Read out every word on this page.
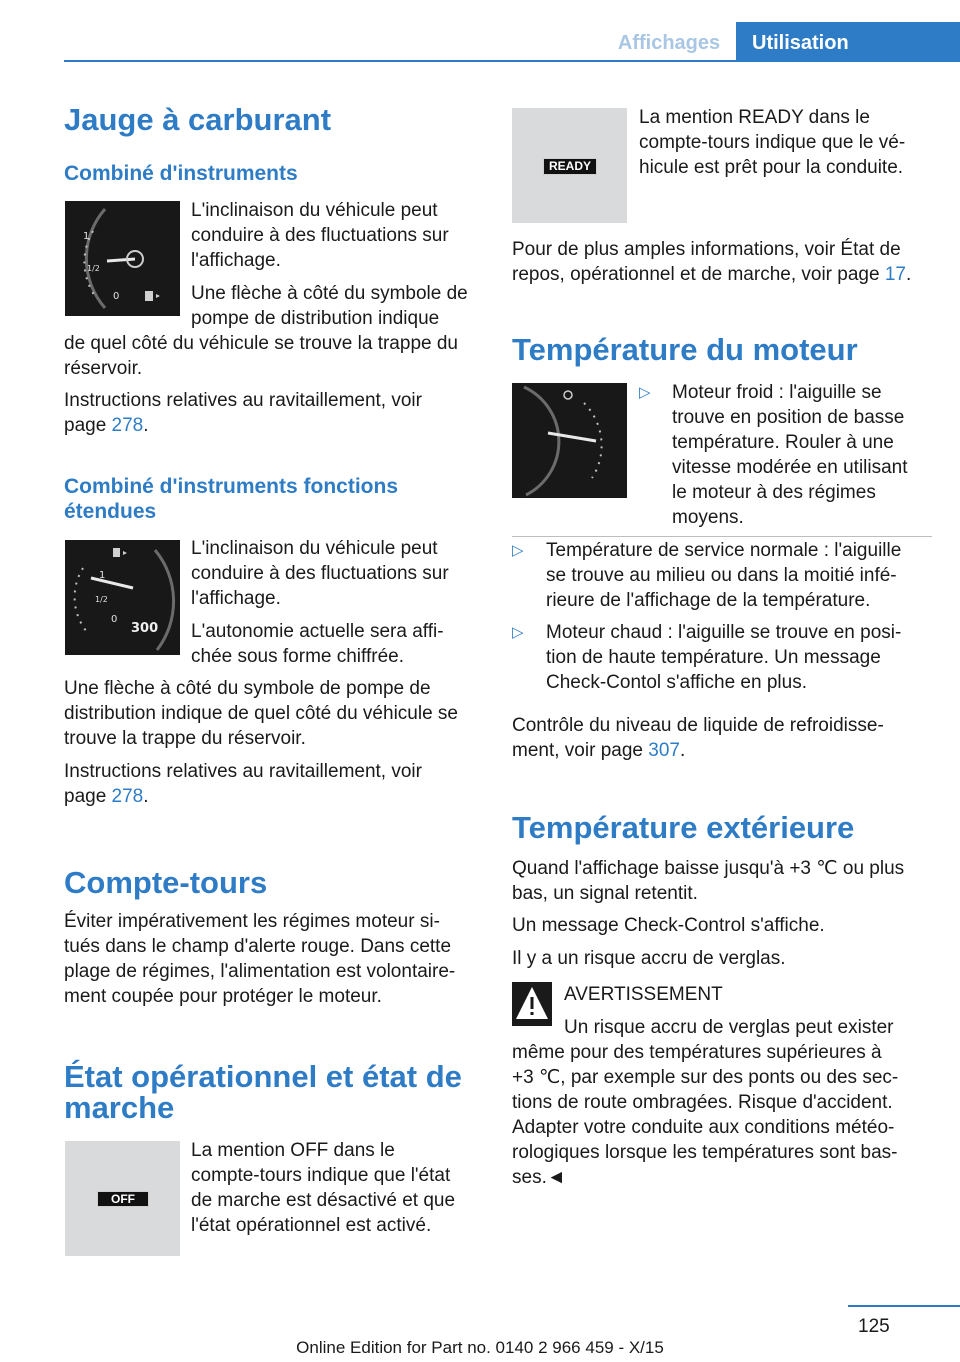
Affichages	Utilisation
Jauge à carburant
Combiné d'instruments
1
1/2
0
L'inclinaison du véhicule peut
conduire à des fluctuations sur
l'affichage.
Une flèche à côté du symbole de
pompe de distribution indique
de quel côté du véhicule se trouve la trappe du
réservoir.
Instructions relatives au ravitaillement, voir
page 278.
Combiné d'instruments fonctions
étendues
1
1/2
0
300
L'inclinaison du véhicule peut
conduire à des fluctuations sur
l'affichage.
L'autonomie actuelle sera affi‐
chée sous forme chiffrée.
Une flèche à côté du symbole de pompe de
distribution indique de quel côté du véhicule se
trouve la trappe du réservoir.
Instructions relatives au ravitaillement, voir
page 278.
Compte-tours
Éviter impérativement les régimes moteur si‐
tués dans le champ d'alerte rouge. Dans cette
plage de régimes, l'alimentation est volontaire‐
ment coupée pour protéger le moteur.
État opérationnel et état de
marche
OFF
La mention OFF dans le
compte-tours indique que l'état
de marche est désactivé et que
l'état opérationnel est activé.
READY
La mention READY dans le
compte-tours indique que le vé‐
hicule est prêt pour la conduite.
Pour de plus amples informations, voir État de
repos, opérationnel et de marche, voir page 17.
Température du moteur
▷ Moteur froid : l'aiguille se
trouve en position de basse
température. Rouler à une
vitesse modérée en utilisant
le moteur à des régimes
moyens.
▷ Température de service normale : l'aiguille
se trouve au milieu ou dans la moitié infé‐
rieure de l'affichage de la température.
▷ Moteur chaud : l'aiguille se trouve en posi‐
tion de haute température. Un message
Check-Contol s'affiche en plus.
Contrôle du niveau de liquide de refroidisse‐
ment, voir page 307.
Température extérieure
Quand l'affichage baisse jusqu'à +3 ℃ ou plus
bas, un signal retentit.
Un message Check-Control s'affiche.
Il y a un risque accru de verglas.
AVERTISSEMENT
Un risque accru de verglas peut exister
même pour des températures supérieures à
+3 ℃, par exemple sur des ponts ou des sec‐
tions de route ombragées. Risque d'accident.
Adapter votre conduite aux conditions météo‐
rologiques lorsque les températures sont bas‐
ses.◄
125
Online Edition for Part no. 0140 2 966 459 - X/15
